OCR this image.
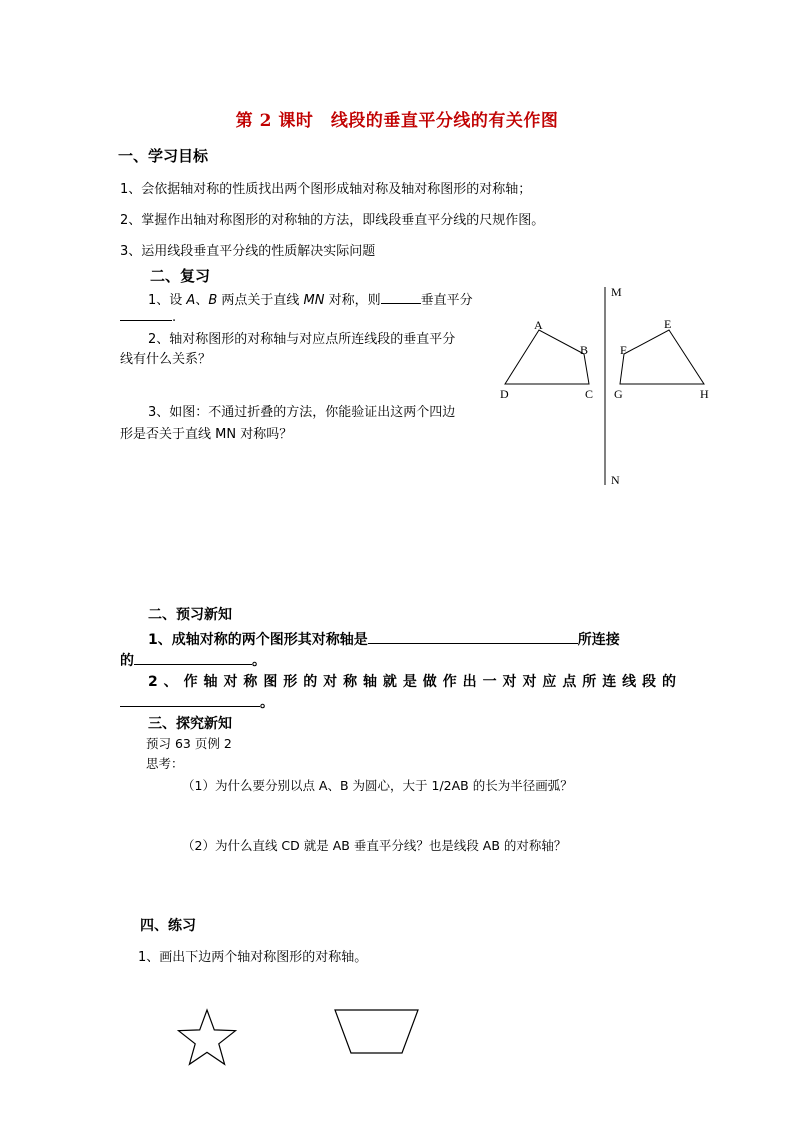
第 2 课时　线段的垂直平分线的有关作图
一、学习目标
1、会依据轴对称的性质找出两个图形成轴对称及轴对称图形的对称轴；
2、掌握作出轴对称图形的对称轴的方法，即线段垂直平分线的尺规作图。
3、运用线段垂直平分线的性质解决实际问题
二、复习
1、设 A、B 两点关于直线 MN 对称，则	垂直平分
.
2、轴对称图形的对称轴与对应点所连线段的垂直平分
线有什么关系？
3、如图：不通过折叠的方法，你能验证出这两个四边
形是否关于直线 MN 对称吗？
M
N
A
B
C
D
E
F
G	H
二、预习新知
1、成轴对称的两个图形其对称轴是	所连接
的	。
2、作轴对称图形的对称轴就是做作出一对对应点所连线段的
。
三、探究新知
预习 63 页例 2
思考：
（1）为什么要分别以点 A、B 为圆心，大于 1/2AB 的长为半径画弧？
（2）为什么直线 CD 就是 AB 垂直平分线？也是线段 AB 的对称轴？
四、练习
1、画出下边两个轴对称图形的对称轴。
